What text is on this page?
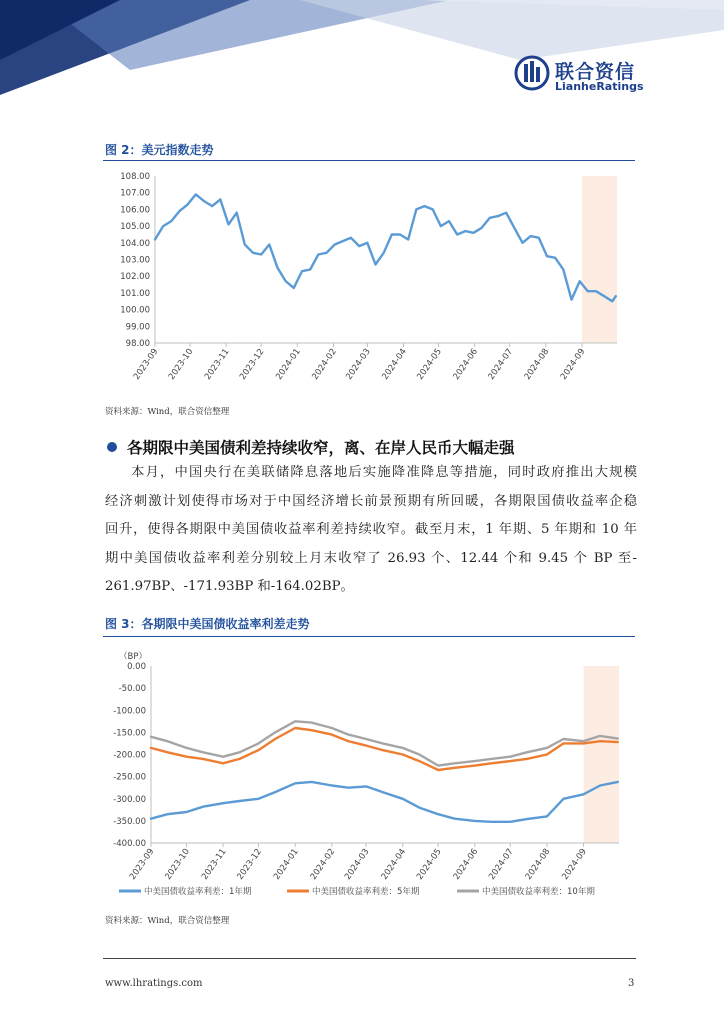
联合资信
LianheRatings
图 2：美元指数走势
108.00
107.00
106.00
105.00
104.00
103.00
102.00
101.00
100.00
99.00
98.00
2023-09 2023-10 2023-11 2023-12 2024-01 2024-02 2024-03 2024-04 2024-05 2024-06 2024-07 2024-08 2024-09
资料来源：Wind，联合资信整理
各期限中美国债利差持续收窄，离、在岸人民币大幅走强

本月，中国央行在美联储降息落地后实施降准降息等措施，同时政府推出大规模

经济刺激计划使得市场对于中国经济增长前景预期有所回暖，各期限国债收益率企稳

回升，使得各期限中美国债收益率利差持续收窄。截至月末，1 年期、5 年期和 10 年

期中美国债收益率利差分别较上月末收窄了 26.93 个、12.44 个和 9.45 个 BP 至-

261.97BP、-171.93BP 和-164.02BP。

图 3：各期限中美国债收益率利差走势
0.00
-50.00
-100.00
-150.00
-200.00
-250.00
-300.00
-350.00
-400.00
2023-09 2023-10 2023-11 2023-12 2024-01 2024-02 2024-03 2024-04 2024-05 2024-06 2024-07 2024-08 2024-09
（BP）
中美国债收益率利差：1年期	中美国债收益率利差：5年期	中美国债收益率利差：10年期
资料来源：Wind，联合资信整理
www.lhratings.com	3
